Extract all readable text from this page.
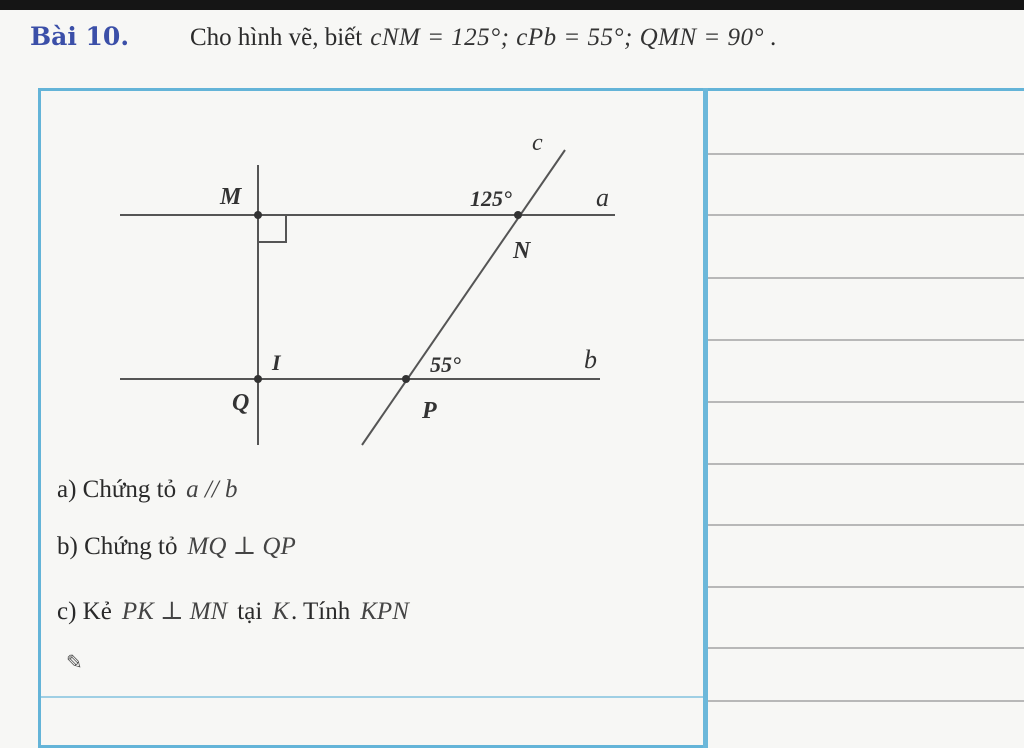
Bài 10.	Cho hình vẽ, biết cNM = 125°; cPb = 55°; QMN = 90° .
M
N
Q	P
I
c
a
b
125°
55°
a) Chứng tỏ a // b
b) Chứng tỏ MQ ⊥ QP
c) Kẻ PK ⊥ MN tại K . Tính KPN
✎
